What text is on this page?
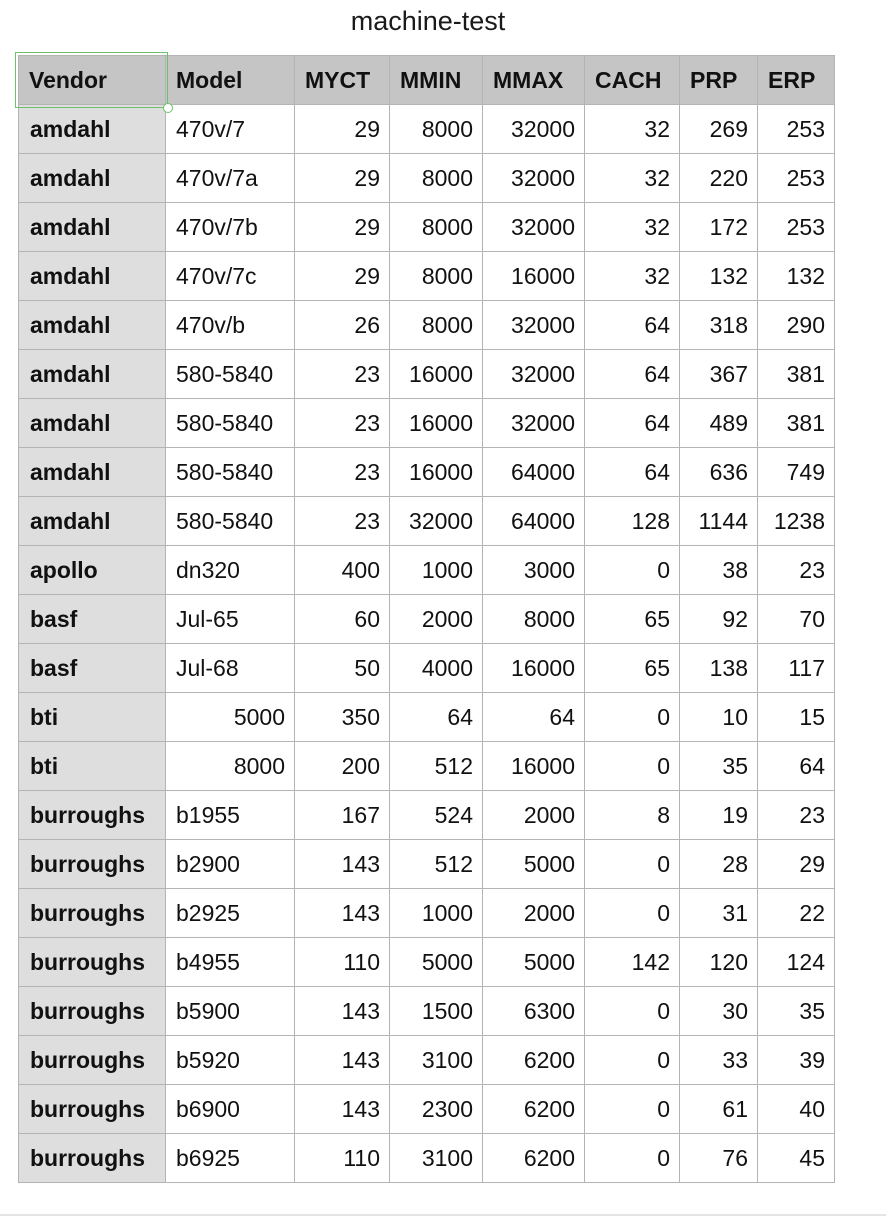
machine-test
Vendor	Model	MYCT	MMIN	MMAX	CACH	PRP	ERP
amdahl	470v/7	29	8000	32000	32	269	253
amdahl	470v/7a	29	8000	32000	32	220	253
amdahl	470v/7b	29	8000	32000	32	172	253
amdahl	470v/7c	29	8000	16000	32	132	132
amdahl	470v/b	26	8000	32000	64	318	290
amdahl	580-5840	23	16000	32000	64	367	381
amdahl	580-5840	23	16000	32000	64	489	381
amdahl	580-5840	23	16000	64000	64	636	749
amdahl	580-5840	23	32000	64000	128	1144	1238
apollo	dn320	400	1000	3000	0	38	23
basf	Jul-65	60	2000	8000	65	92	70
basf	Jul-68	50	4000	16000	65	138	117
bti	5000	350	64	64	0	10	15
bti	8000	200	512	16000	0	35	64
burroughs	b1955	167	524	2000	8	19	23
burroughs	b2900	143	512	5000	0	28	29
burroughs	b2925	143	1000	2000	0	31	22
burroughs	b4955	110	5000	5000	142	120	124
burroughs	b5900	143	1500	6300	0	30	35
burroughs	b5920	143	3100	6200	0	33	39
burroughs	b6900	143	2300	6200	0	61	40
burroughs	b6925	110	3100	6200	0	76	45
